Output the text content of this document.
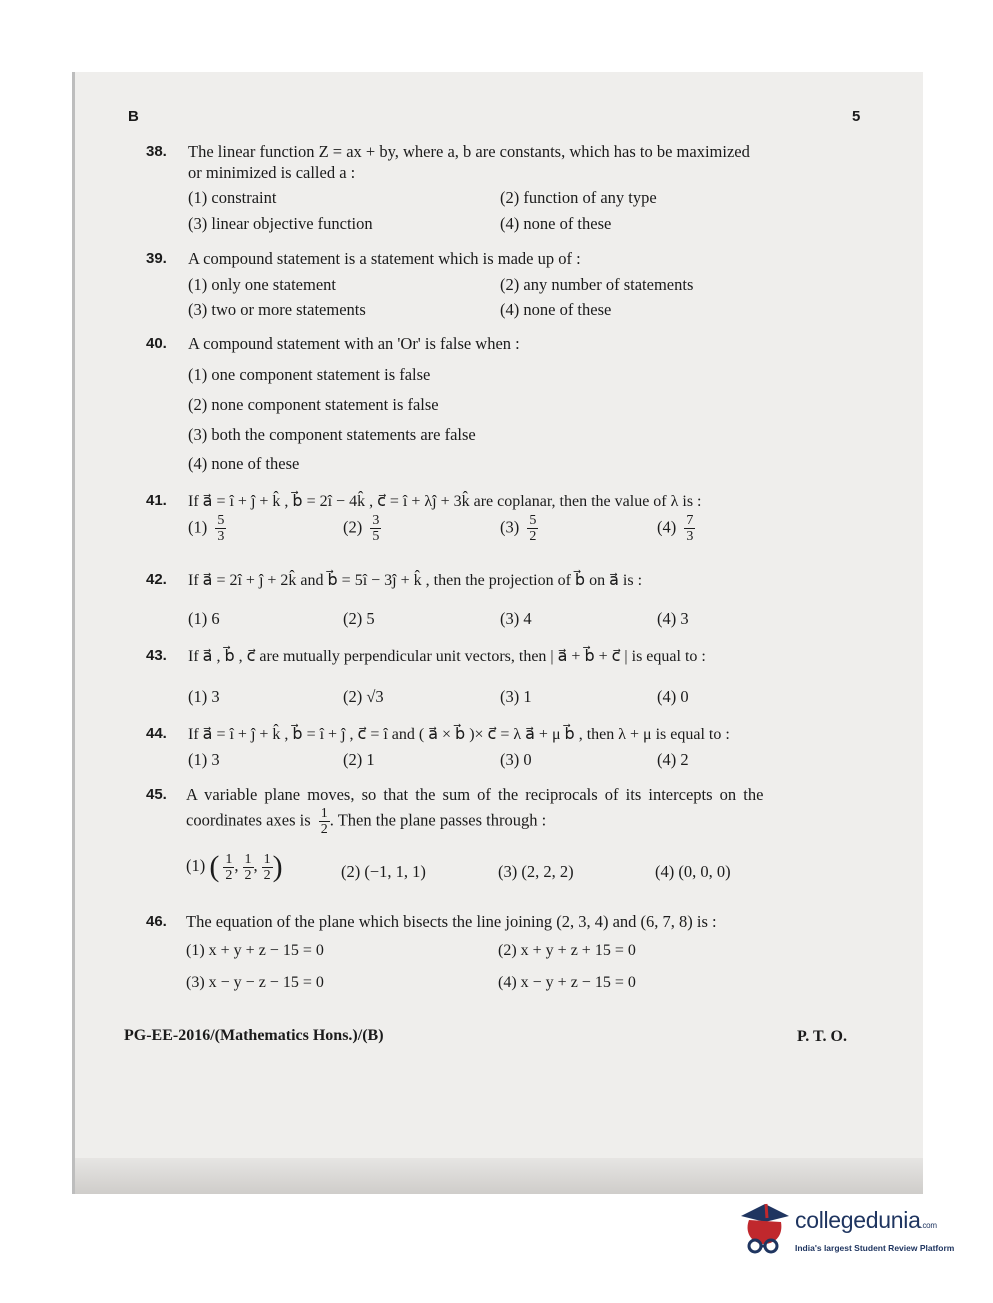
B	5
38. The linear function Z = ax + by, where a, b are constants, which has to be maximized
or minimized is called a :
(1) constraint	(2) function of any type
(3) linear objective function	(4) none of these
39. A compound statement is a statement which is made up of :
(1) only one statement	(2) any number of statements
(3) two or more statements	(4) none of these
40. A compound statement with an 'Or' is false when :
(1) one component statement is false
(2) none component statement is false
(3) both the component statements are false
(4) none of these
41. If a⃗ = î + ĵ + k̂ , b⃗ = 2î − 4k̂ , c⃗ = î + λĵ + 3k̂ are coplanar, then the value of λ is :
$(1) \frac{5}{3}$	$(2) \frac{3}{5}$	$(3) \frac{5}{2}$	$(4) \frac{7}{3}$
42. If a⃗ = 2î + ĵ + 2k̂ and b⃗ = 5î − 3ĵ + k̂ , then the projection of b⃗ on a⃗ is :
(1) 6	(2) 5	(3) 4	(4) 3
43. If a⃗ , b⃗ , c⃗ are mutually perpendicular unit vectors, then | a⃗ + b⃗ + c⃗ | is equal to :
(1) 3	(2) √3	(3) 1	(4) 0
44. If a⃗ = î + ĵ + k̂ , b⃗ = î + ĵ , c⃗ = î and ( a⃗ × b⃗ )× c⃗ = λ a⃗ + μ b⃗ , then λ + μ is equal to :
(1) 3	(2) 1	(3) 0	(4) 2
45. A variable plane moves, so that the sum of the reciprocals of its intercepts on the
coordinates axes is $\frac{1}{2}$ . Then the plane passes through :
(1) ( $\frac{1}{2}$ , $\frac{1}{2}$ , $\frac{1}{2}$ )	(2) (−1, 1, 1)	(3) (2, 2, 2)	(4) (0, 0, 0)
46. The equation of the plane which bisects the line joining (2, 3, 4) and (6, 7, 8) is :
(1) x + y + z − 15 = 0	(2) x + y + z + 15 = 0
(3) x − y − z − 15 = 0	(4) x − y + z − 15 = 0
PG-EE-2016/(Mathematics Hons.)/(B)	P. T. O.
collegedunia.com
India's largest Student Review Platform
